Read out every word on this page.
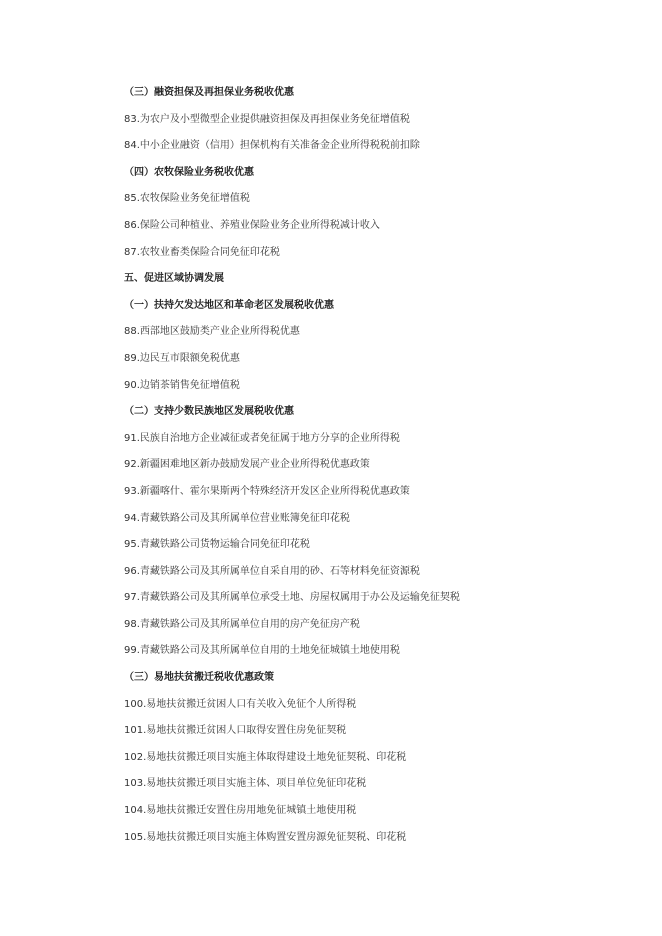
（三）融资担保及再担保业务税收优惠
83.为农户及小型微型企业提供融资担保及再担保业务免征增值税
84.中小企业融资（信用）担保机构有关准备金企业所得税税前扣除
（四）农牧保险业务税收优惠
85.农牧保险业务免征增值税
86.保险公司种植业、养殖业保险业务企业所得税减计收入
87.农牧业畜类保险合同免征印花税
五、促进区域协调发展
（一）扶持欠发达地区和革命老区发展税收优惠
88.西部地区鼓励类产业企业所得税优惠
89.边民互市限额免税优惠
90.边销茶销售免征增值税
（二）支持少数民族地区发展税收优惠
91.民族自治地方企业减征或者免征属于地方分享的企业所得税
92.新疆困难地区新办鼓励发展产业企业所得税优惠政策
93.新疆喀什、霍尔果斯两个特殊经济开发区企业所得税优惠政策
94.青藏铁路公司及其所属单位营业账簿免征印花税
95.青藏铁路公司货物运输合同免征印花税
96.青藏铁路公司及其所属单位自采自用的砂、石等材料免征资源税
97.青藏铁路公司及其所属单位承受土地、房屋权属用于办公及运输免征契税
98.青藏铁路公司及其所属单位自用的房产免征房产税
99.青藏铁路公司及其所属单位自用的土地免征城镇土地使用税
（三）易地扶贫搬迁税收优惠政策
100.易地扶贫搬迁贫困人口有关收入免征个人所得税
101.易地扶贫搬迁贫困人口取得安置住房免征契税
102.易地扶贫搬迁项目实施主体取得建设土地免征契税、印花税
103.易地扶贫搬迁项目实施主体、项目单位免征印花税
104.易地扶贫搬迁安置住房用地免征城镇土地使用税
105.易地扶贫搬迁项目实施主体购置安置房源免征契税、印花税
